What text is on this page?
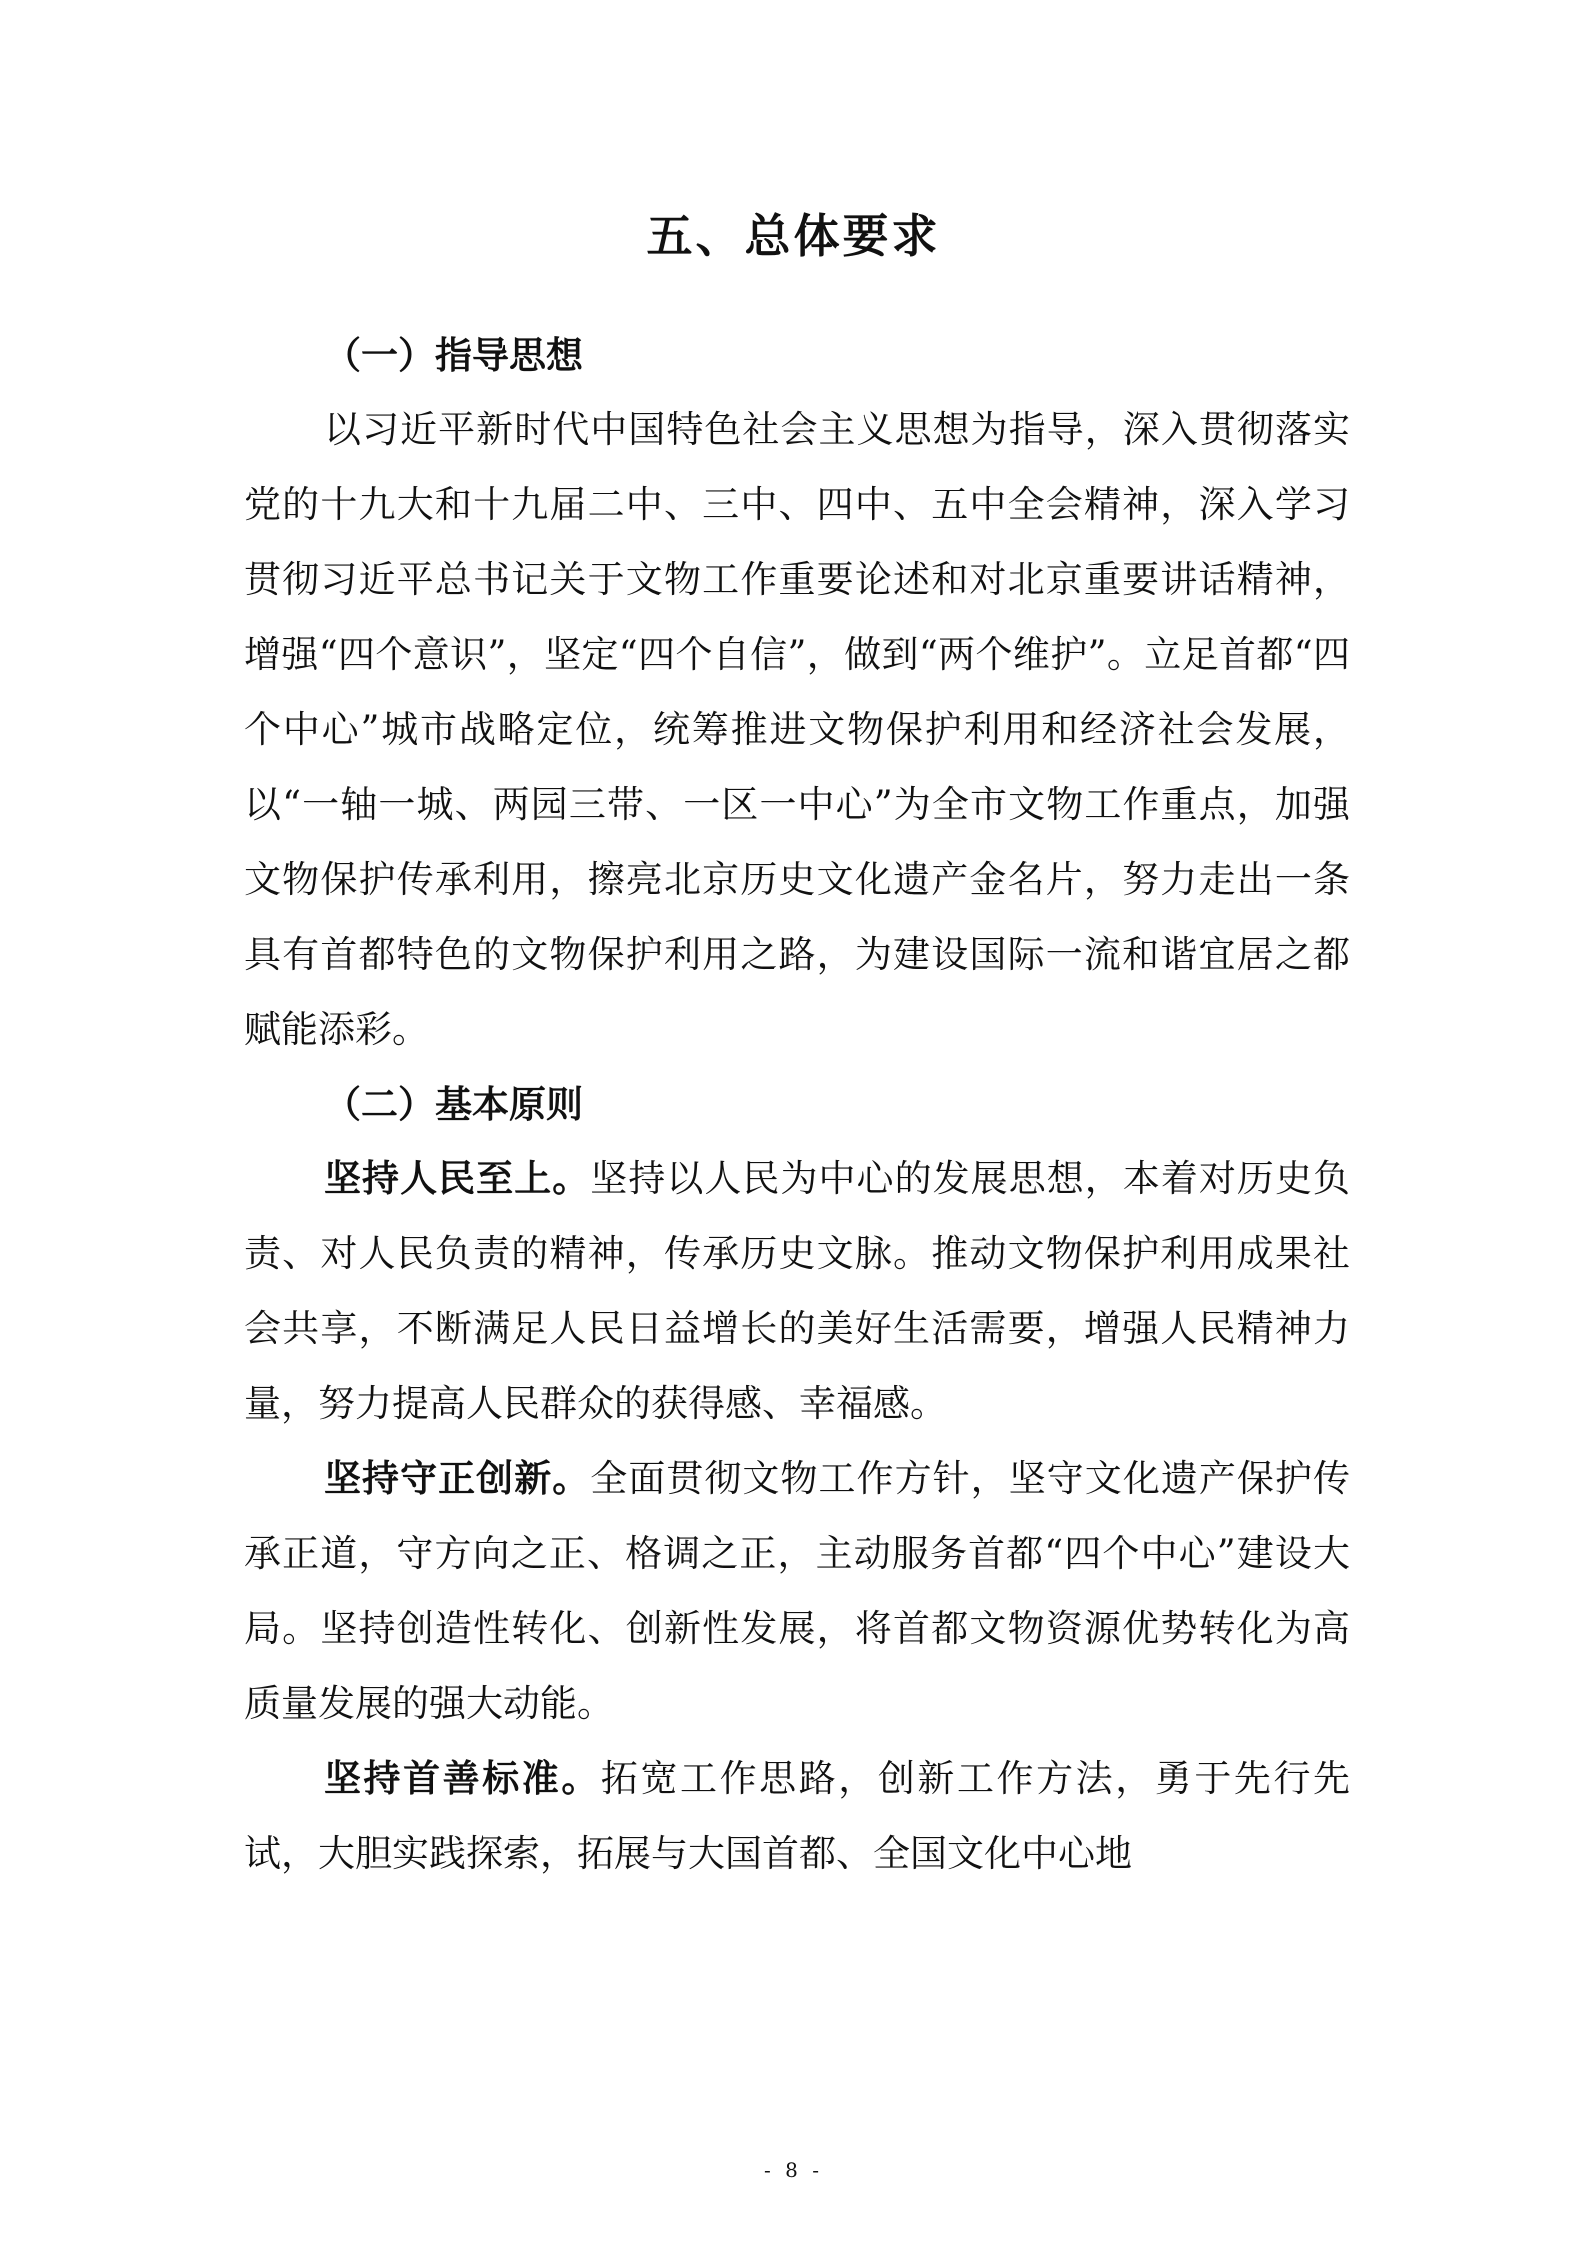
五、总体要求

（一）指导思想

以习近平新时代中国特色社会主义思想为指导，深入贯彻落实党的十九大和十九届二中、三中、四中、五中全会精神，深入学习贯彻习近平总书记关于文物工作重要论述和对北京重要讲话精神，增强“四个意识”，坚定“四个自信”，做到“两个维护”。立足首都“四个中心”城市战略定位，统筹推进文物保护利用和经济社会发展，以“一轴一城、两园三带、一区一中心”为全市文物工作重点，加强文物保护传承利用，擦亮北京历史文化遗产金名片，努力走出一条具有首都特色的文物保护利用之路，为建设国际一流和谐宜居之都赋能添彩。

（二）基本原则

坚持人民至上。坚持以人民为中心的发展思想，本着对历史负责、对人民负责的精神，传承历史文脉。推动文物保护利用成果社会共享，不断满足人民日益增长的美好生活需要，增强人民精神力量，努力提高人民群众的获得感、幸福感。

坚持守正创新。全面贯彻文物工作方针，坚守文化遗产保护传承正道，守方向之正、格调之正，主动服务首都“四个中心”建设大局。坚持创造性转化、创新性发展，将首都文物资源优势转化为高质量发展的强大动能。

坚持首善标准。拓宽工作思路，创新工作方法，勇于先行先试，大胆实践探索，拓展与大国首都、全国文化中心地

- 8 -
